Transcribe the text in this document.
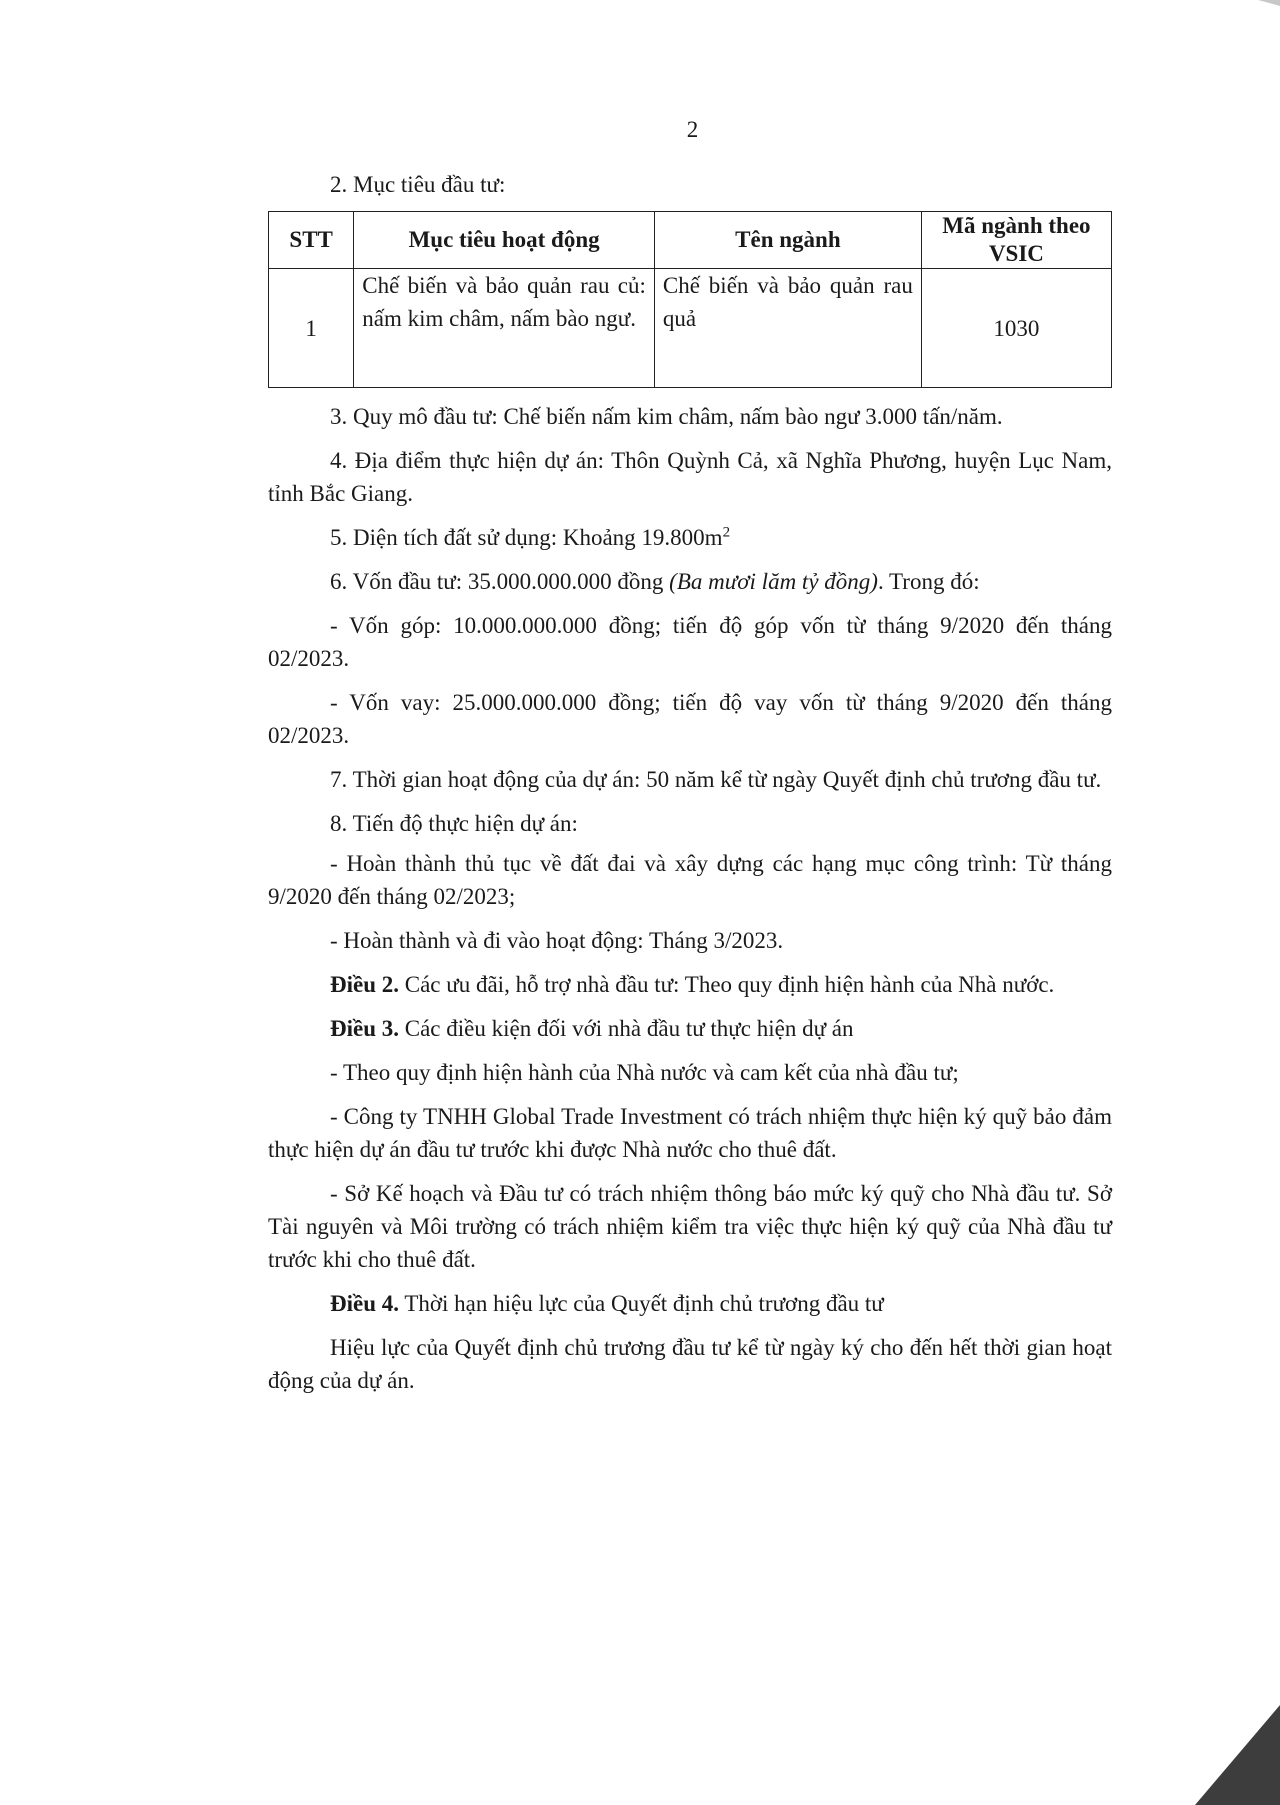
2
2. Mục tiêu đầu tư:
STT	Mục tiêu hoạt động	Tên ngành	Mã ngành theo VSIC
1	Chế biến và bảo quản rau củ: nấm kim châm, nấm bào ngư.	Chế biến và bảo quản rau quả	1030

3. Quy mô đầu tư: Chế biến nấm kim châm, nấm bào ngư 3.000 tấn/năm.

4. Địa điểm thực hiện dự án: Thôn Quỳnh Cả, xã Nghĩa Phương, huyện Lục Nam, tỉnh Bắc Giang.

5. Diện tích đất sử dụng: Khoảng $19.800m^2$

6. Vốn đầu tư: 35.000.000.000 đồng (Ba mươi lăm tỷ đồng). Trong đó:

- Vốn góp: 10.000.000.000 đồng; tiến độ góp vốn từ tháng 9/2020 đến tháng 02/2023.

- Vốn vay: 25.000.000.000 đồng; tiến độ vay vốn từ tháng 9/2020 đến tháng 02/2023.

7. Thời gian hoạt động của dự án: 50 năm kể từ ngày Quyết định chủ trương đầu tư.

8. Tiến độ thực hiện dự án:

- Hoàn thành thủ tục về đất đai và xây dựng các hạng mục công trình: Từ tháng 9/2020 đến tháng 02/2023;

- Hoàn thành và đi vào hoạt động: Tháng 3/2023.

Điều 2. Các ưu đãi, hỗ trợ nhà đầu tư: Theo quy định hiện hành của Nhà nước.

Điều 3. Các điều kiện đối với nhà đầu tư thực hiện dự án

- Theo quy định hiện hành của Nhà nước và cam kết của nhà đầu tư;

- Công ty TNHH Global Trade Investment có trách nhiệm thực hiện ký quỹ bảo đảm thực hiện dự án đầu tư trước khi được Nhà nước cho thuê đất.

- Sở Kế hoạch và Đầu tư có trách nhiệm thông báo mức ký quỹ cho Nhà đầu tư. Sở Tài nguyên và Môi trường có trách nhiệm kiểm tra việc thực hiện ký quỹ của Nhà đầu tư trước khi cho thuê đất.

Điều 4. Thời hạn hiệu lực của Quyết định chủ trương đầu tư

Hiệu lực của Quyết định chủ trương đầu tư kể từ ngày ký cho đến hết thời gian hoạt động của dự án.
